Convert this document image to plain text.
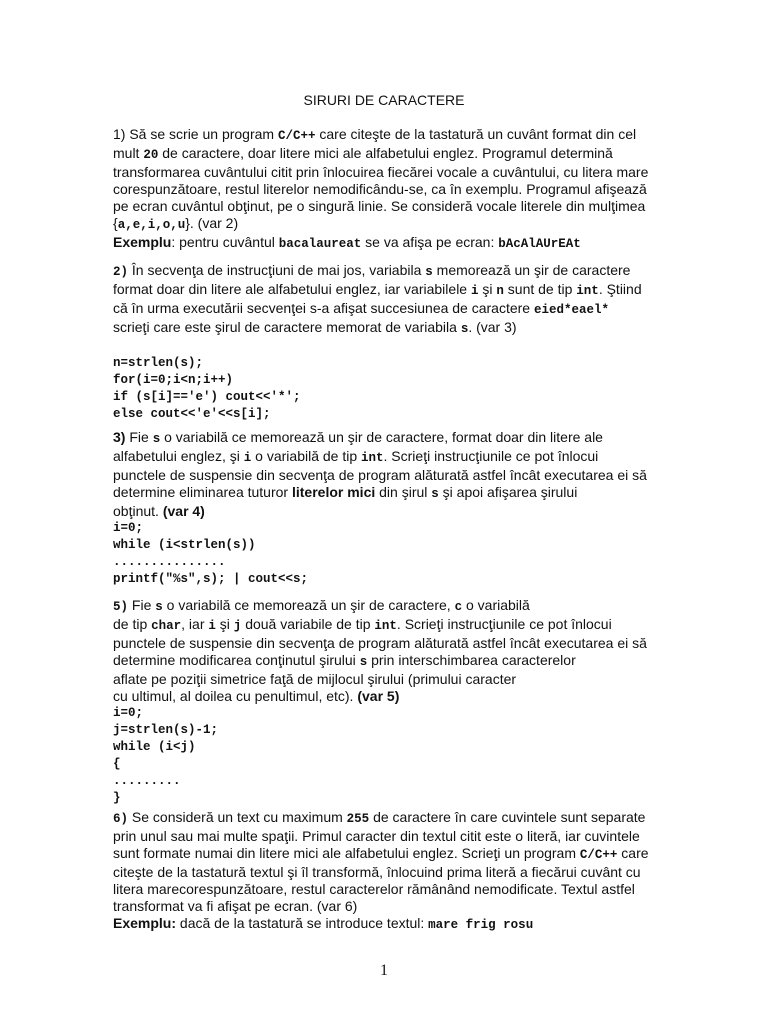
SIRURI DE CARACTERE
1) Să se scrie un program C/C++ care citeşte de la tastatură un cuvânt format din cel
mult 20 de caractere, doar litere mici ale alfabetului englez. Programul determină
transformarea cuvântului citit prin înlocuirea fiecărei vocale a cuvântului, cu litera mare
corespunzătoare, restul literelor nemodificându-se, ca în exemplu. Programul afişează
pe ecran cuvântul obţinut, pe o singură linie. Se consideră vocale literele din mulţimea
{a,e,i,o,u}. (var 2)
Exemplu: pentru cuvântul bacalaureat se va afişa pe ecran: bAcAlAUrEAt
2) În secvenţa de instrucţiuni de mai jos, variabila s memorează un şir de caractere
format doar din litere ale alfabetului englez, iar variabilele i şi n sunt de tip int. Ştiind
că în urma executării secvenţei s-a afişat succesiunea de caractere eied*eael*
scrieţi care este şirul de caractere memorat de variabila s. (var 3)
n=strlen(s);
for(i=0;i<n;i++)
if (s[i]=='e') cout<<'*';
else cout<<'e'<<s[i];
3) Fie s o variabilă ce memorează un şir de caractere, format doar din litere ale
alfabetului englez, şi i o variabilă de tip int. Scrieţi instrucţiunile ce pot înlocui
punctele de suspensie din secvenţa de program alăturată astfel încât executarea ei să
determine eliminarea tuturor literelor mici din şirul s şi apoi afişarea şirului
obţinut. (var 4)
i=0;
while (i<strlen(s))
...............
printf("%s",s); | cout<<s;
5) Fie s o variabilă ce memorează un şir de caractere, c o variabilă
de tip char, iar i şi j două variabile de tip int. Scrieţi instrucţiunile ce pot înlocui
punctele de suspensie din secvenţa de program alăturată astfel încât executarea ei să
determine modificarea conţinutul şirului s prin interschimbarea caracterelor
aflate pe poziţii simetrice faţă de mijlocul şirului (primului caracter
cu ultimul, al doilea cu penultimul, etc). (var 5)
i=0;
j=strlen(s)-1;
while (i<j)
{
.........
}
6) Se consideră un text cu maximum 255 de caractere în care cuvintele sunt separate
prin unul sau mai multe spaţii. Primul caracter din textul citit este o literă, iar cuvintele
sunt formate numai din litere mici ale alfabetului englez. Scrieţi un program C/C++ care
citeşte de la tastatură textul şi îl transformă, înlocuind prima literă a fiecărui cuvânt cu
litera marecorespunzătoare, restul caracterelor rămânând nemodificate. Textul astfel
transformat va fi afişat pe ecran. (var 6)
Exemplu: dacă de la tastatură se introduce textul: mare frig rosu
1
